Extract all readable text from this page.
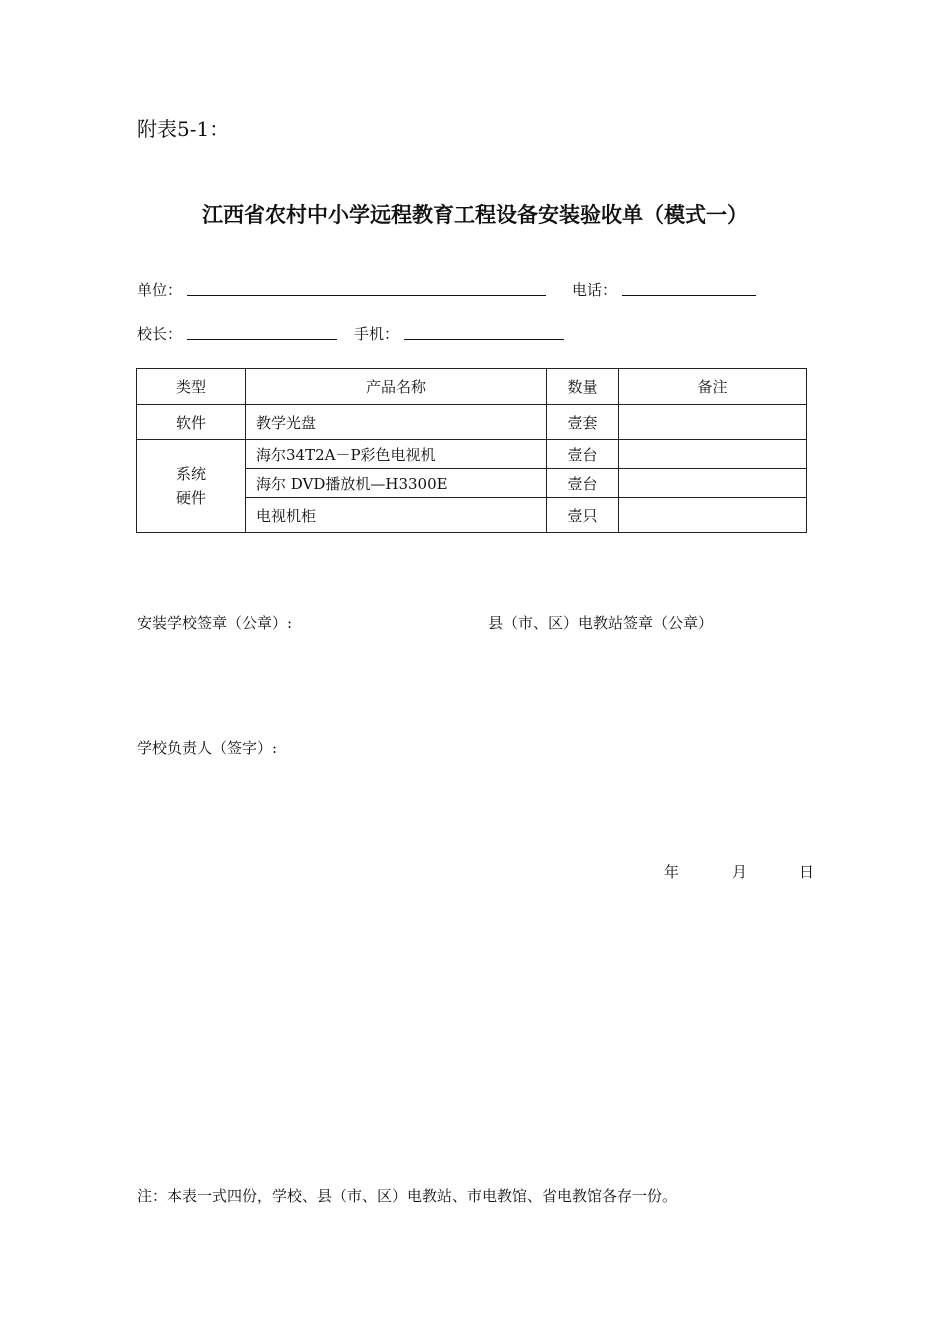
附表5-1：
江西省农村中小学远程教育工程设备安装验收单（模式一）
单位：	电话：
校长：	手机：
类型	产品名称	数量	备注
软件	教学光盘	壹套	

系统
硬件	海尔34T2A－P彩色电视机	壹台	
	海尔 DVD播放机—H3300E	壹台	
	电视机柜	壹只	
安装学校签章（公章）:	县（市、区）电教站签章（公章）
学校负责人（签字）:
年	月	日
注：本表一式四份，学校、县（市、区）电教站、市电教馆、省电教馆各存一份。
